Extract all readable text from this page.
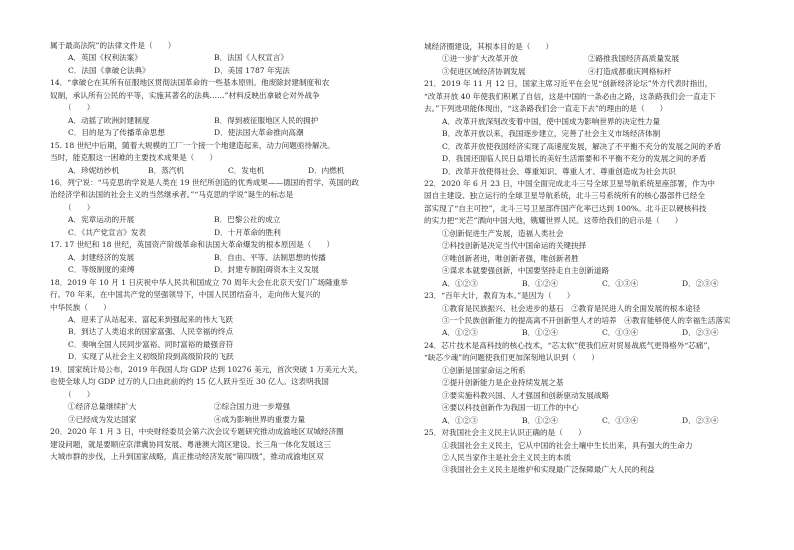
属于最高法院”的法律文件是（　　）
A．英国《权利法案》	B．法国《人权宣言》
C．法国《拿破仑法典》	D．美国 1787 年宪法
14．“拿破仑在其所有征服地区贯彻法国革命的一些基本原则。他废除封建制度和农
奴制，承认所有公民的平等，实施其著名的法典……”材料反映出拿破仑对外战争
（　　）
A．动摇了欧洲封建制度	B．得到被征服地区人民的拥护
C．目的是为了传播革命思想	D．使法国大革命推向高潮
15. 18 世纪中后期，随着大规模的工厂一个接一个地建造起来，动力问题亟待解决。
当时，能克服这一困难的主要技术成果是（　　）
A．珍妮纺纱机	B．蒸汽机	C．发电机	D．内燃机
16．列宁说：“马克思的学说是人类在 19 世纪所创造的优秀成果——德国的哲学、英国的政
治经济学和法国的社会主义的当然继承者。”“马克思的学说”诞生的标志是
（　　）
A．宪章运动的开展	B．巴黎公社的成立
C．《共产党宣言》发表	D．十月革命的胜利
17. 17 世纪和 18 世纪，英国资产阶级革命和法国大革命爆发的根本原因是（　　）
A．封建经济的发展	B．自由、平等、法制思想的传播
C．等级制度的束缚	D．封建专制阻碍资本主义发展
18．2019 年 10 月 1 日庆祝中华人民共和国成立 70 周年大会在北京天安门广场隆重举
行。70 年来，在中国共产党的坚强领导下，中国人民团结奋斗，走向伟大复兴的
中华民族（　　）
A．迎来了从站起来、富起来到强起来的伟大飞跃
B．到达了人类追求的国家富强、人民幸福的终点
C．奏响全国人民同步富裕、同时富裕的最强音符
D．实现了从社会主义初级阶段到高级阶段的飞跃
19．国家统计局公布，2019 年我国人均 GDP 达到 10276 美元，首次突破 1 万美元大关，
也使全球人均 GDP 过万的人口由此前的约 15 亿人跃升至近 30 亿人。这表明我国
（　　）
①经济总量继续扩大	②综合国力进一步增强
③已经成为发达国家	④成为影响世界的重要力量
20．2020 年 1 月 3 日，中央财经委员会第六次会议专题研究推动成渝地区双城经济圈
建设问题，就是要顺应京津冀协同发展、粤港澳大湾区建设、长三角一体化发展这三
大城市群的步伐，上升到国家战略，真正推动经济发展“第四级”，推动成渝地区双
城经济圈建设，其根本目的是（　　）
①进一步扩大改革开放	②路推我国经济高质量发展
③促进区域经济协调发展	④打造成都重庆网格标杆
21．2019 年 11 月 12 日，国家主席习近平在会见“创新经济论坛”外方代表时指出，
“改革开放 40 年使我们积累了自信，这是中国的一条必由之路，这条路我们会一直走下
去。”下列选项能体现出，“这条路我们会一直走下去”的理由的是（　　）
A．改革开放深刻改变着中国，使中国成为影响世界的决定性力量
B．改革开放以来，我国逐步建立，完善了社会主义市场经济体制
C．改革开放使我国经济实现了高速度发展，解决了不平衡不充分的发展之间的矛盾
D．我国还面临人民日益增长的美好生活需要和不平衡不充分的发展之间的矛盾
D．改革开放使得社会、尊重知识、尊重人才、尊重创造成为社会共识
22．2020 年 6 月 23 日，中国全面完成北斗三号全球卫星导航系统星座部署，作为中
国自主建设、独立运行的全球卫星导航系统，北斗三号系统所有的核心器部件已经全
部实现了“自主可控”，北斗三号卫星部件国产化率已达到 100%。北斗正以硬核科技
的实力把“光芒”洒向中国大地，镌耀世界人民。这带给我们的启示是（　　）
①创新促进生产发展，造福人类社会
②科技创新是决定当代中国命运的关键抉择
③唯创新者进，唯创新者强，唯创新者胜
④谋求本就要强创新，中国要坚持走自主创新道路
A．①②③	B．①②④	C．①③④	D．②③④
23．“百年大计，教育为本。”是因为（　　）
①教育是民族振兴、社会进步的基石　②教育是民进人的全面发展的根本途径
③一个民族创新能力的提高离不开创新型人才的培养　④教育能够使人的幸福生活落实
A．①②③	B．①②④	C．①③④	D．②③④
24．芯片技术是高科技的核心技术，“芯太软”使我们应对贸易战底气更得格外“芯痛”，
“缺芯少魂”的问题使我们更加深刻地认识到（　　）
①创新是国家命运之所系
②提升创新能力是企业持续发展之基
③要实施科教兴国、人才强国和创新驱动发展战略
④要以科技创新作为我国一切工作的中心
A．①②③	B．①②④	C．①③④	D．②③④
25．对我国社会主义民主认识正确的是（　　）
①我国社会主义民主，它从中国的社会土壤中生长出来，具有强大的生命力
②人民当家作主是社会主义民主的本质
③我国社会主义民主是维护和实现最广泛保障最广大人民的利益
